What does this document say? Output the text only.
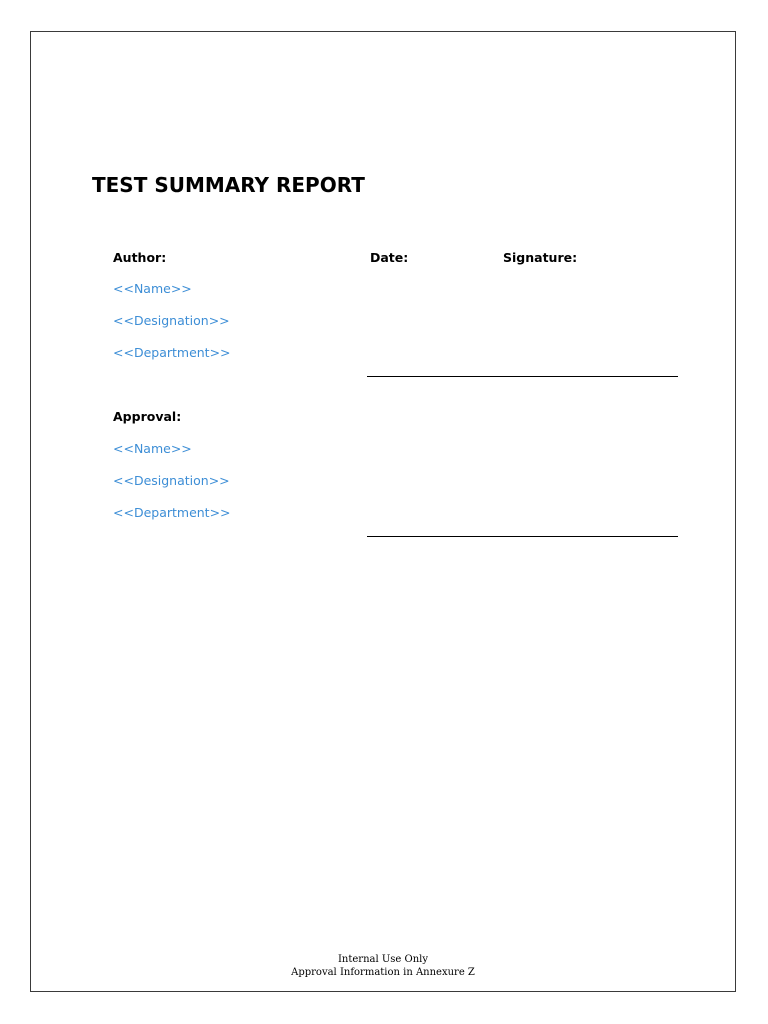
TEST SUMMARY REPORT
Author:	Date:	Signature:
<<Name>>
<<Designation>>
<<Department>>
Approval:
<<Name>>
<<Designation>>
<<Department>>
Internal Use Only
Approval Information in Annexure Z
